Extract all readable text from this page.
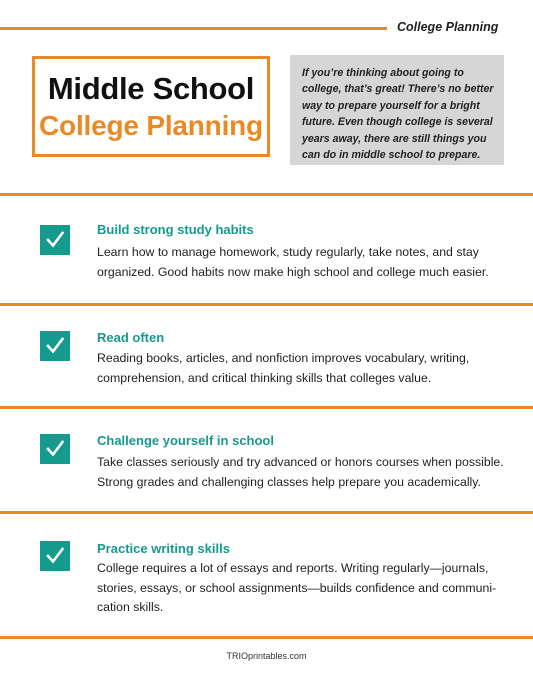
College Planning
Middle School
College Planning
If you’re thinking about going to college, that’s great! There’s no better way to prepare yourself for a bright future. Even though college is several years away, there are still things you can do in middle school to prepare.
Build strong study habits
Learn how to manage homework, study regularly, take notes, and stay organized. Good habits now make high school and college much easier.
Read often
Reading books, articles, and nonfiction improves vocabulary, writing, comprehension, and critical thinking skills that colleges value.
Challenge yourself in school
Take classes seriously and try advanced or honors courses when possible. Strong grades and challenging classes help prepare you academically.
Practice writing skills
College requires a lot of essays and reports. Writing regularly—journals, stories, essays, or school assignments—builds confidence and communi-cation skills.
TRIOprintables.com
